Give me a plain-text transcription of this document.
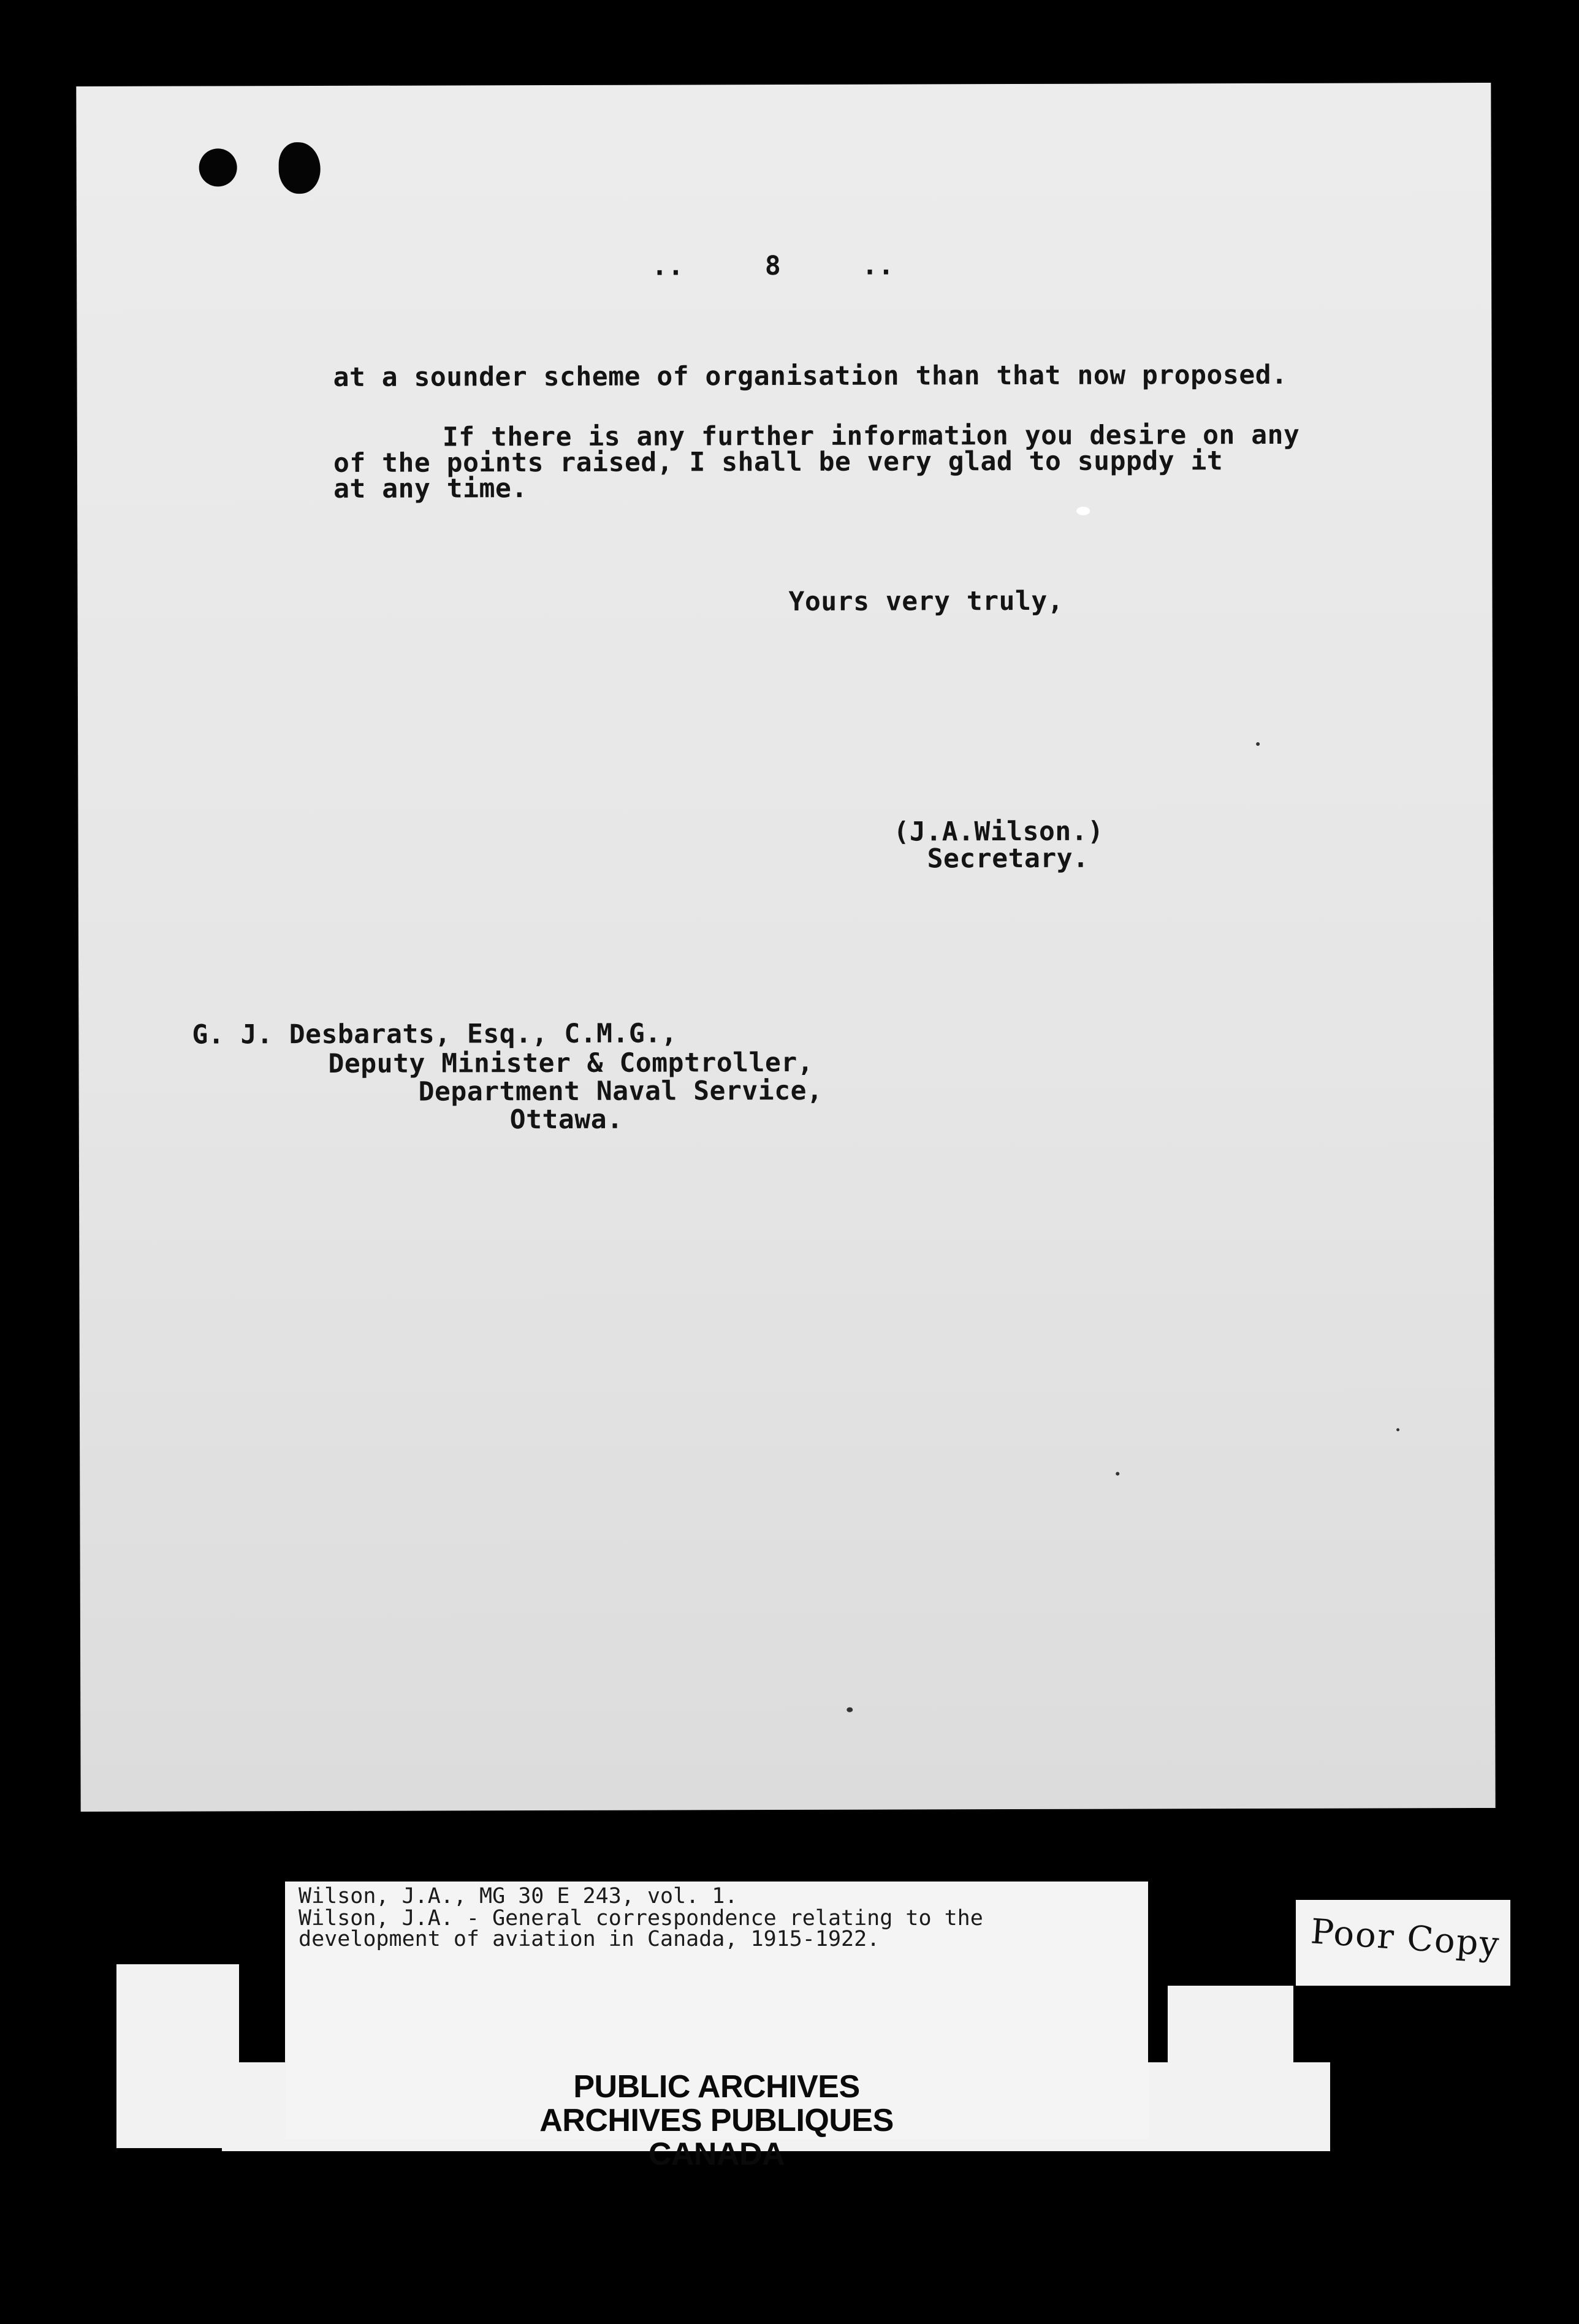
..     8     ..
at a sounder scheme of organisation than that now proposed.
If there is any further information you desire on any
of the points raised, I shall be very glad to suppdy it
at any time.
Yours very truly,
(J.A.Wilson.)
Secretary.
G. J. Desbarats, Esq., C.M.G.,
Deputy Minister & Comptroller,
Department Naval Service,
Ottawa.
Wilson, J.A., MG 30 E 243, vol. 1.
Wilson, J.A. - General correspondence relating to the
development of aviation in Canada, 1915-1922.
PUBLIC ARCHIVES
ARCHIVES PUBLIQUES
CANADA
Poor Copy
